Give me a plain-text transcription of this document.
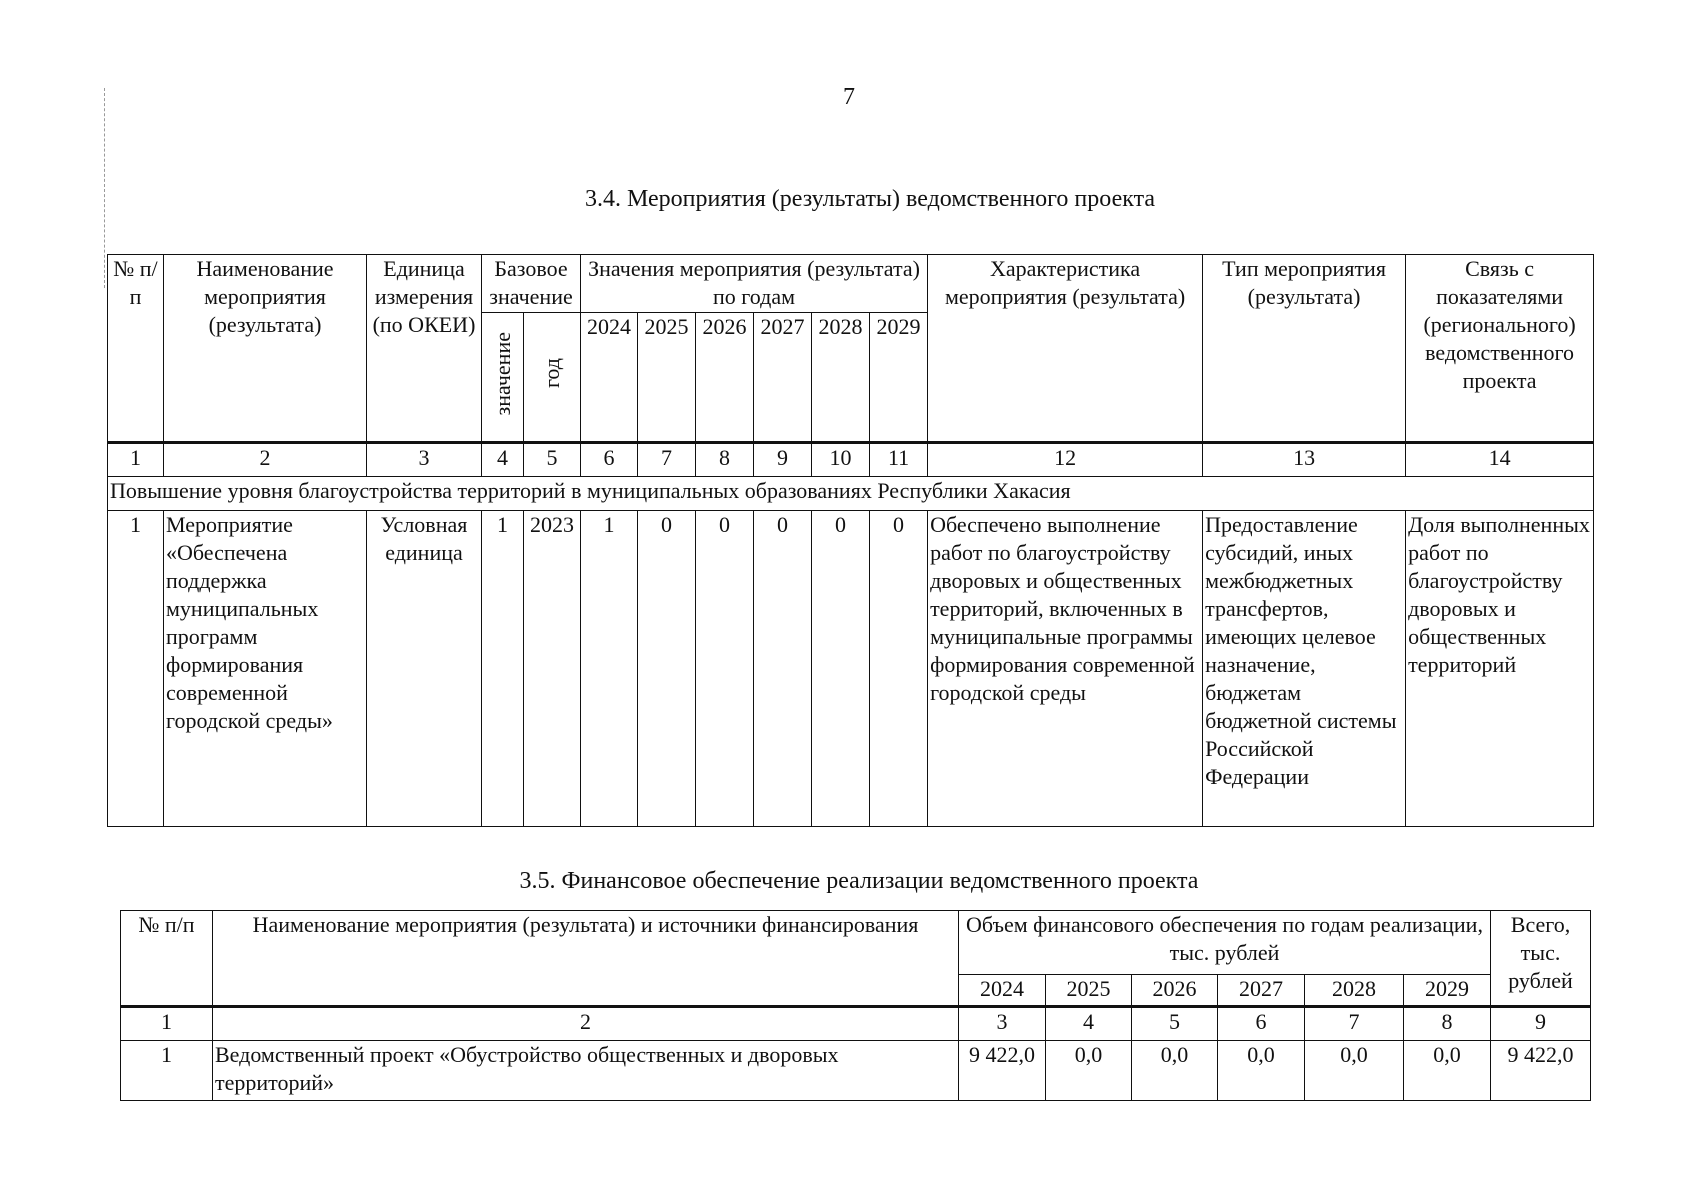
7
3.4. Мероприятия (результаты) ведомственного проекта
№ п/п	Наименование мероприятия (результата)	Единица измерения (по ОКЕИ)	Базовое значение		Значения мероприятия (результата) по годам						Характеристика мероприятия (результата)	Тип мероприятия (результата)	Связь с показателями (регионального) ведомственного проекта
			значение	год	2024	2025	2026	2027	2028	2029			
1	2	3	4	5	6	7	8	9	10	11	12	13	14
Повышение уровня благоустройства территорий в муниципальных образованиях Республики Хакасия													
1	Мероприятие «Обеспечена поддержка муниципальных программ формирования современной городской среды»	Условная единица	1	2023	1	0	0	0	0	0	Обеспечено выполнение работ по благоустройству дворовых и общественных территорий, включенных в муниципальные программы формирования современной городской среды	Предоставление субсидий, иных межбюджетных трансфертов, имеющих целевое назначение, бюджетам бюджетной системы Российской Федерации	Доля выполненных работ по благоустройству дворовых и общественных территорий
3.5. Финансовое обеспечение реализации ведомственного проекта
№ п/п	Наименование мероприятия (результата) и источники финансирования	Объем финансового обеспечения по годам реализации, тыс. рублей						Всего, тыс. рублей
		2024	2025	2026	2027	2028	2029	
1	2	3	4	5	6	7	8	9
1	Ведомственный проект «Обустройство общественных и дворовых территорий»	9 422,0	0,0	0,0	0,0	0,0	0,0	9 422,0
